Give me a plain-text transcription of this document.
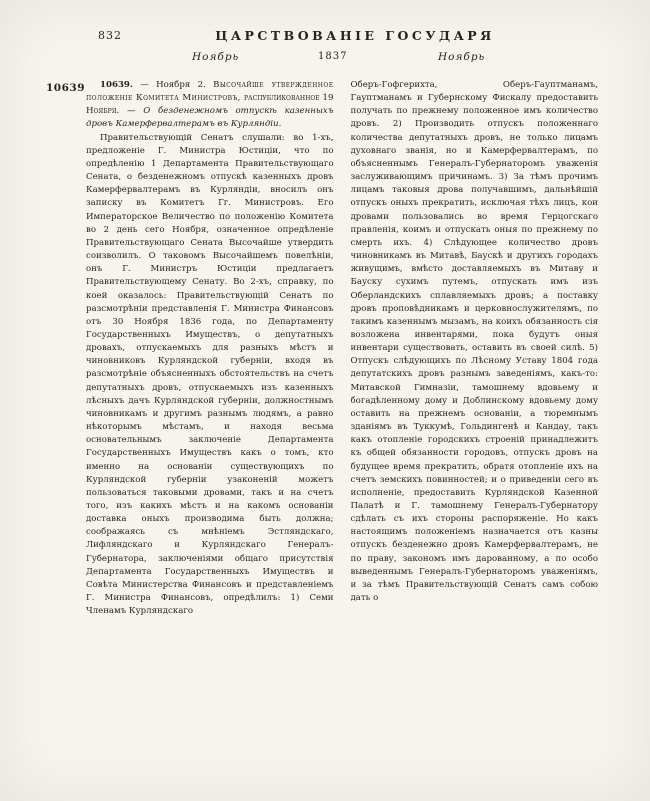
832	ЦАРСТВОВАНІЕ ГОСУДАРЯ
Ноябрь	1837	Ноябрь
10639	10639. — Ноября 2. Высочайше утвержденное положеніе Комитета Министровъ, распубликованное 19 Ноября. — О безденежномъ отпускѣ казенныхъ дровъ Камерфервалтерамъ въ Курляндіи.

Правительствующій Сенатъ слушали: во 1-хъ, предложеніе Г. Министра Юстиціи, что по опредѣленію 1 Департамента Правительствующаго Сената, о безденежномъ отпускѣ казенныхъ дровъ Камерфервалтерамъ въ Курляндіи, вносилъ онъ записку въ Комитетъ Гг. Министровъ. Его Императорское Величество по положенію Комитета во 2 день сего Ноября, означенное опредѣленіе Правительствующаго Сената Высочайше утвердить соизволилъ. О таковомъ Высочайшемъ повелѣніи, онъ Г. Министръ Юстиціи предлагаетъ Правительствующему Сенату. Во 2-хъ, справку, по коей оказалось: Правительствующій Сенатъ по разсмотрѣніи представленія Г. Министра Финансовъ отъ 30 Ноября 1836 года, по Департаменту Государственныхъ Имуществъ, о депутатныхъ дровахъ, отпускаемыхъ для разныхъ мѣстъ и чиновниковъ Курляндской губерніи, входя въ разсмотрѣніе объясненныхъ обстоятельствъ на счетъ депутатныхъ дровъ, отпускаемыхъ изъ казенныхъ лѣсныхъ дачъ Курляндской губерніи, должностнымъ чиновникамъ и другимъ разнымъ людямъ, а равно нѣкоторымъ мѣстамъ, и находя весьма основательнымъ заключеніе Департамента Государственныхъ Имуществъ какъ о томъ, кто именно на основаніи существующихъ по Курляндской губерніи узаконеній можетъ пользоваться таковыми дровами, такъ и на счетъ того, изъ какихъ мѣстъ и на какомъ основаніи доставка оныхъ производима быть должна; соображаясь съ мнѣніемъ Эстляндскаго, Лифляндскаго и Курляндскаго Генералъ-Губернатора, заключеніями общаго присутствія Департамента Государственныхъ Имуществъ и Совѣта Министерства Финансовъ и представленіемъ Г. Министра Финансовъ, опредѣлилъ: 1) Семи Членамъ Курляндскаго

Оберъ-Гофгерихта, Оберъ-Гауптманамъ, Гауптманамъ и Губернскому Фискалу предоставить получать по прежнему положенное имъ количество дровъ. 2) Производить отпускъ положеннаго количества депутатныхъ дровъ, не только лицамъ духовнаго званія, но и Камерфервалтерамъ, по объясненнымъ Генералъ-Губернаторомъ уваженія заслуживающимъ причинамъ. 3) За тѣмъ прочимъ лицамъ таковыя дрова получавшимъ, дальнѣйшій отпускъ оныхъ прекратить, исключая тѣхъ лицъ, кои дровами пользовались во время Герцогскаго правленія, коимъ и отпускать оныя по прежнему по смерть ихъ. 4) Слѣдующее количество дровъ чиновникамъ въ Митавѣ, Баускѣ и другихъ городахъ живущимъ, вмѣсто доставляемыхъ въ Митаву и Бауску сухимъ путемъ, отпускать имъ изъ Оберландскихъ сплавляемыхъ дровъ; а поставку дровъ проповѣдникамъ и церковнослужителямъ, по такимъ казеннымъ мызамъ, на коихъ обязанность сія возложена инвентарями, пока будутъ оныя инвентари существовать, оставить въ своей силѣ. 5) Отпускъ слѣдующихъ по Лѣсному Уставу 1804 года депутатскихъ дровъ разнымъ заведеніямъ, какъ-то: Митавской Гимназіи, тамошнему вдовьему и богадѣленному дому и Доблинскому вдовьему дому оставить на прежнемъ основаніи, а тюремнымъ зданіямъ въ Туккумѣ, Гольдингенѣ и Кандау, такъ какъ отопленіе городскихъ строеній принадлежитъ къ общей обязанности городовъ, отпускъ дровъ на будущее время прекратить, обратя отопленіе ихъ на счетъ земскихъ повинностей; и о приведеніи сего въ исполненіе, предоставить Курляндской Казенной Палатѣ и Г. тамошнему Генералъ-Губернатору сдѣлать съ ихъ стороны распоряженіе. Но какъ настоящимъ положеніемъ назначается отъ казны отпускъ безденежно дровъ Камерфервалтерамъ, не по праву, закономъ имъ дарованному, а по особо выведеннымъ Генералъ-Губернаторомъ уваженіямъ, и за тѣмъ Правительствующій Сенатъ самъ собою дать о
